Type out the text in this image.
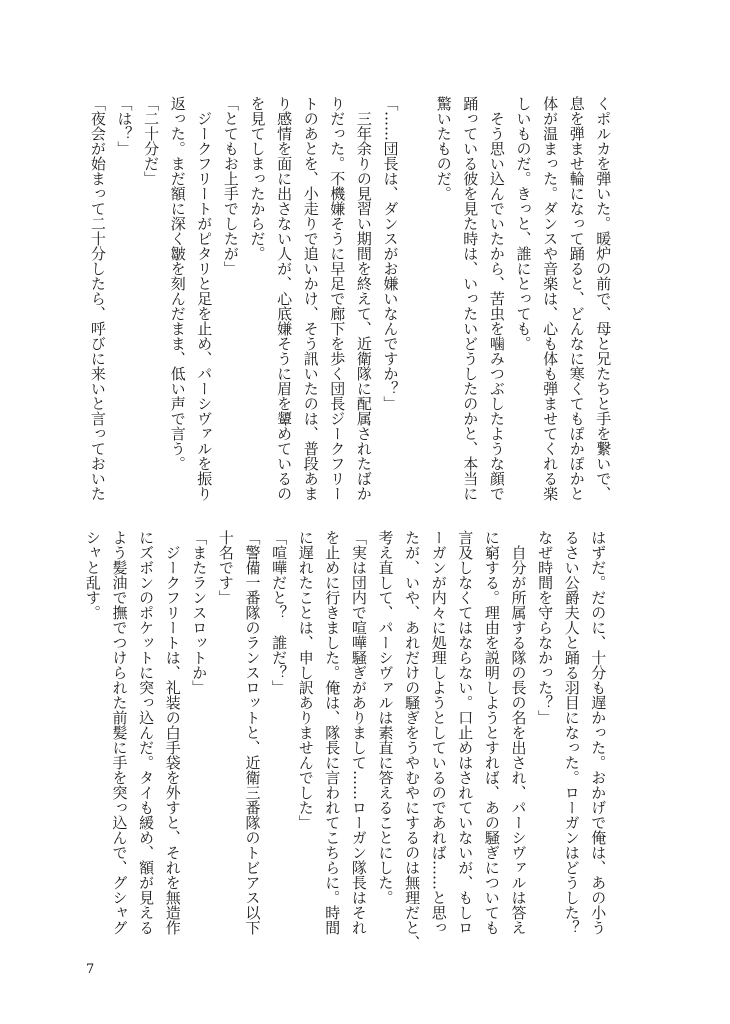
くポルカを弾いた。暖炉の前で、母と兄たちと手を繋いで、
息を弾ませ輪になって踊ると、どんなに寒くてもぽかぽかと
体が温まった。ダンスや音楽は、心も体も弾ませてくれる楽
しいものだ。きっと、誰にとっても。
　そう思い込んでいたから、苦虫を噛みつぶしたような顔で
踊っている彼を見た時は、いったいどうしたのかと、本当に
驚いたものだ。
「……団長は、ダンスがお嫌いなんですか？」
　三年余りの見習い期間を終えて、近衛隊に配属されたばか
りだった。不機嫌そうに早足で廊下を歩く団長ジークフリー
トのあとを、小走りで追いかけ、そう訊いたのは、普段あま
り感情を面に出さない人が、心底嫌そうに眉を顰めているの
を見てしまったからだ。
「とてもお上手でしたが」
　ジークフリートがピタリと足を止め、パーシヴァルを振り
返った。まだ額に深く皺を刻んだまま、低い声で言う。
「二十分だ」
「は？」
「夜会が始まって二十分したら、呼びに来いと言っておいた
はずだ。だのに、十分も遅かった。おかげで俺は、あの小う
るさい公爵夫人と踊る羽目になった。ローガンはどうした？
なぜ時間を守らなかった？」
　自分が所属する隊の長の名を出され、パーシヴァルは答え
に窮する。理由を説明しようとすれば、あの騒ぎについても
言及しなくてはならない。口止めはされていないが、もしロ
ーガンが内々に処理しようとしているのであれば……と思っ
たが、いや、あれだけの騒ぎをうやむやにするのは無理だと、
考え直して、パーシヴァルは素直に答えることにした。
「実は団内で喧嘩騒ぎがありまして……ローガン隊長はそれ
を止めに行きました。俺は、隊長に言われてこちらに。時間
に遅れたことは、申し訳ありませんでした」
「喧嘩だと？　誰だ？」
「警備一番隊のランスロットと、近衛三番隊のトビアス以下
十名です」
「またランスロットか」
　ジークフリートは、礼装の白手袋を外すと、それを無造作
にズボンのポケットに突っ込んだ。タイも緩め、額が見える
よう髪油で撫でつけられた前髪に手を突っ込んで、グシャグ
シャと乱す。
7
